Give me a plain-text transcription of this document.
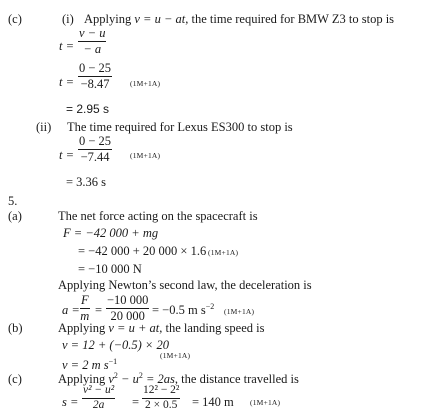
(c)	(i) Applying v = u − at, the time required for BMW Z3 to stop is
$t = \frac{v - u}{- a}$
$t = \frac{0 - 25}{-8.47} (1M+1A)$
= 2.95 s
(ii) The time required for Lexus ES300 to stop is
$t = \frac{0 - 25}{-7.44} (1M+1A)$
= 3.36 s
5.
(a)	The net force acting on the spacecraft is
F = −42 000 + mg
= −42 000 + 20 000 × 1.6 (1M+1A)
= −10 000 N
Applying Newton’s second law, the deceleration is
$a = \frac{F}{m} = \frac{-10 000}{20 000} = -0.5$ m $s^{-2}$
(1M+1A)
(b)	Applying v = u + at, the landing speed is
v = 12 + (−0.5) × 20
(1M+1A)
v = 2 m $s^{-1}$
(c)	Applying $v^2 - u^2 = 2as$, the distance travelled is
$s = \frac{\text{v² − u²}}{2a} = \frac{\text{12² − 2²}}{2 \times 0.5} = 140$ m (1M+1A)
